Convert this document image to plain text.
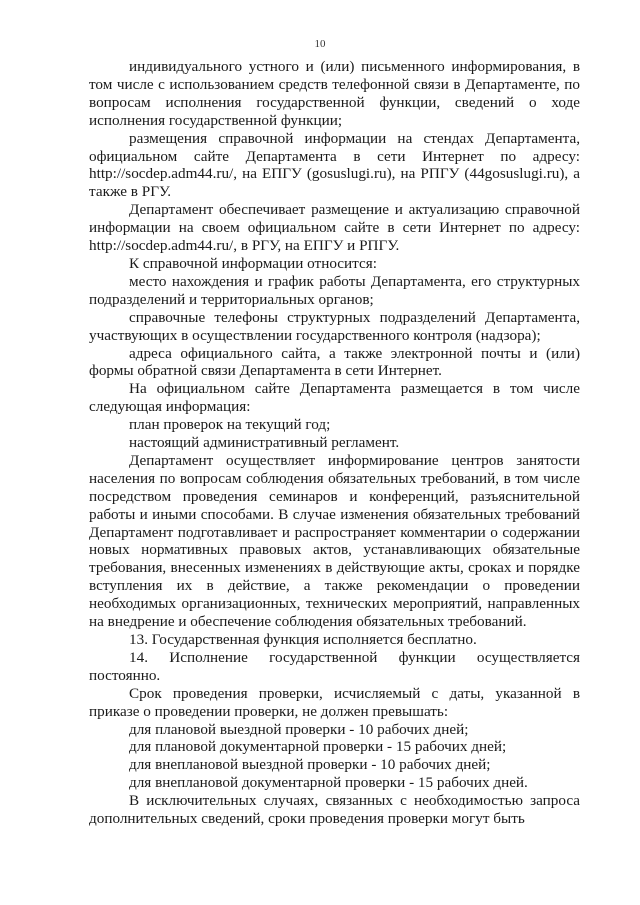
10

индивидуального устного и (или) письменного информирования, в том числе с использованием средств телефонной связи в Департаменте, по вопросам исполнения государственной функции, сведений о ходе исполнения государственной функции;

размещения справочной информации на стендах Департамента, официальном сайте Департамента в сети Интернет по адресу: http://socdep.adm44.ru/, на ЕПГУ (gosuslugi.ru), на РПГУ (44gosuslugi.ru), а также в РГУ.

Департамент обеспечивает размещение и актуализацию справочной информации на своем официальном сайте в сети Интернет по адресу: http://socdep.adm44.ru/, в РГУ, на ЕПГУ и РПГУ.

К справочной информации относится:

место нахождения и график работы Департамента, его структурных подразделений и территориальных органов;

справочные телефоны структурных подразделений Департамента, участвующих в осуществлении государственного контроля (надзора);

адреса официального сайта, а также электронной почты и (или) формы обратной связи Департамента в сети Интернет.

На официальном сайте Департамента размещается в том числе следующая информация:

план проверок на текущий год;

настоящий административный регламент.

Департамент осуществляет информирование центров занятости населения по вопросам соблюдения обязательных требований, в том числе посредством проведения семинаров и конференций, разъяснительной работы и иными способами. В случае изменения обязательных требований Департамент подготавливает и распространяет комментарии о содержании новых нормативных правовых актов, устанавливающих обязательные требования, внесенных изменениях в действующие акты, сроках и порядке вступления их в действие, а также рекомендации о проведении необходимых организационных, технических мероприятий, направленных на внедрение и обеспечение соблюдения обязательных требований.

13. Государственная функция исполняется бесплатно.

14. Исполнение государственной функции осуществляется постоянно.

Срок проведения проверки, исчисляемый с даты, указанной в приказе о проведении проверки, не должен превышать:

для плановой выездной проверки - 10 рабочих дней;

для плановой документарной проверки - 15 рабочих дней;

для внеплановой выездной проверки - 10 рабочих дней;

для внеплановой документарной проверки - 15 рабочих дней.

В исключительных случаях, связанных с необходимостью запроса дополнительных сведений, сроки проведения проверки могут быть
